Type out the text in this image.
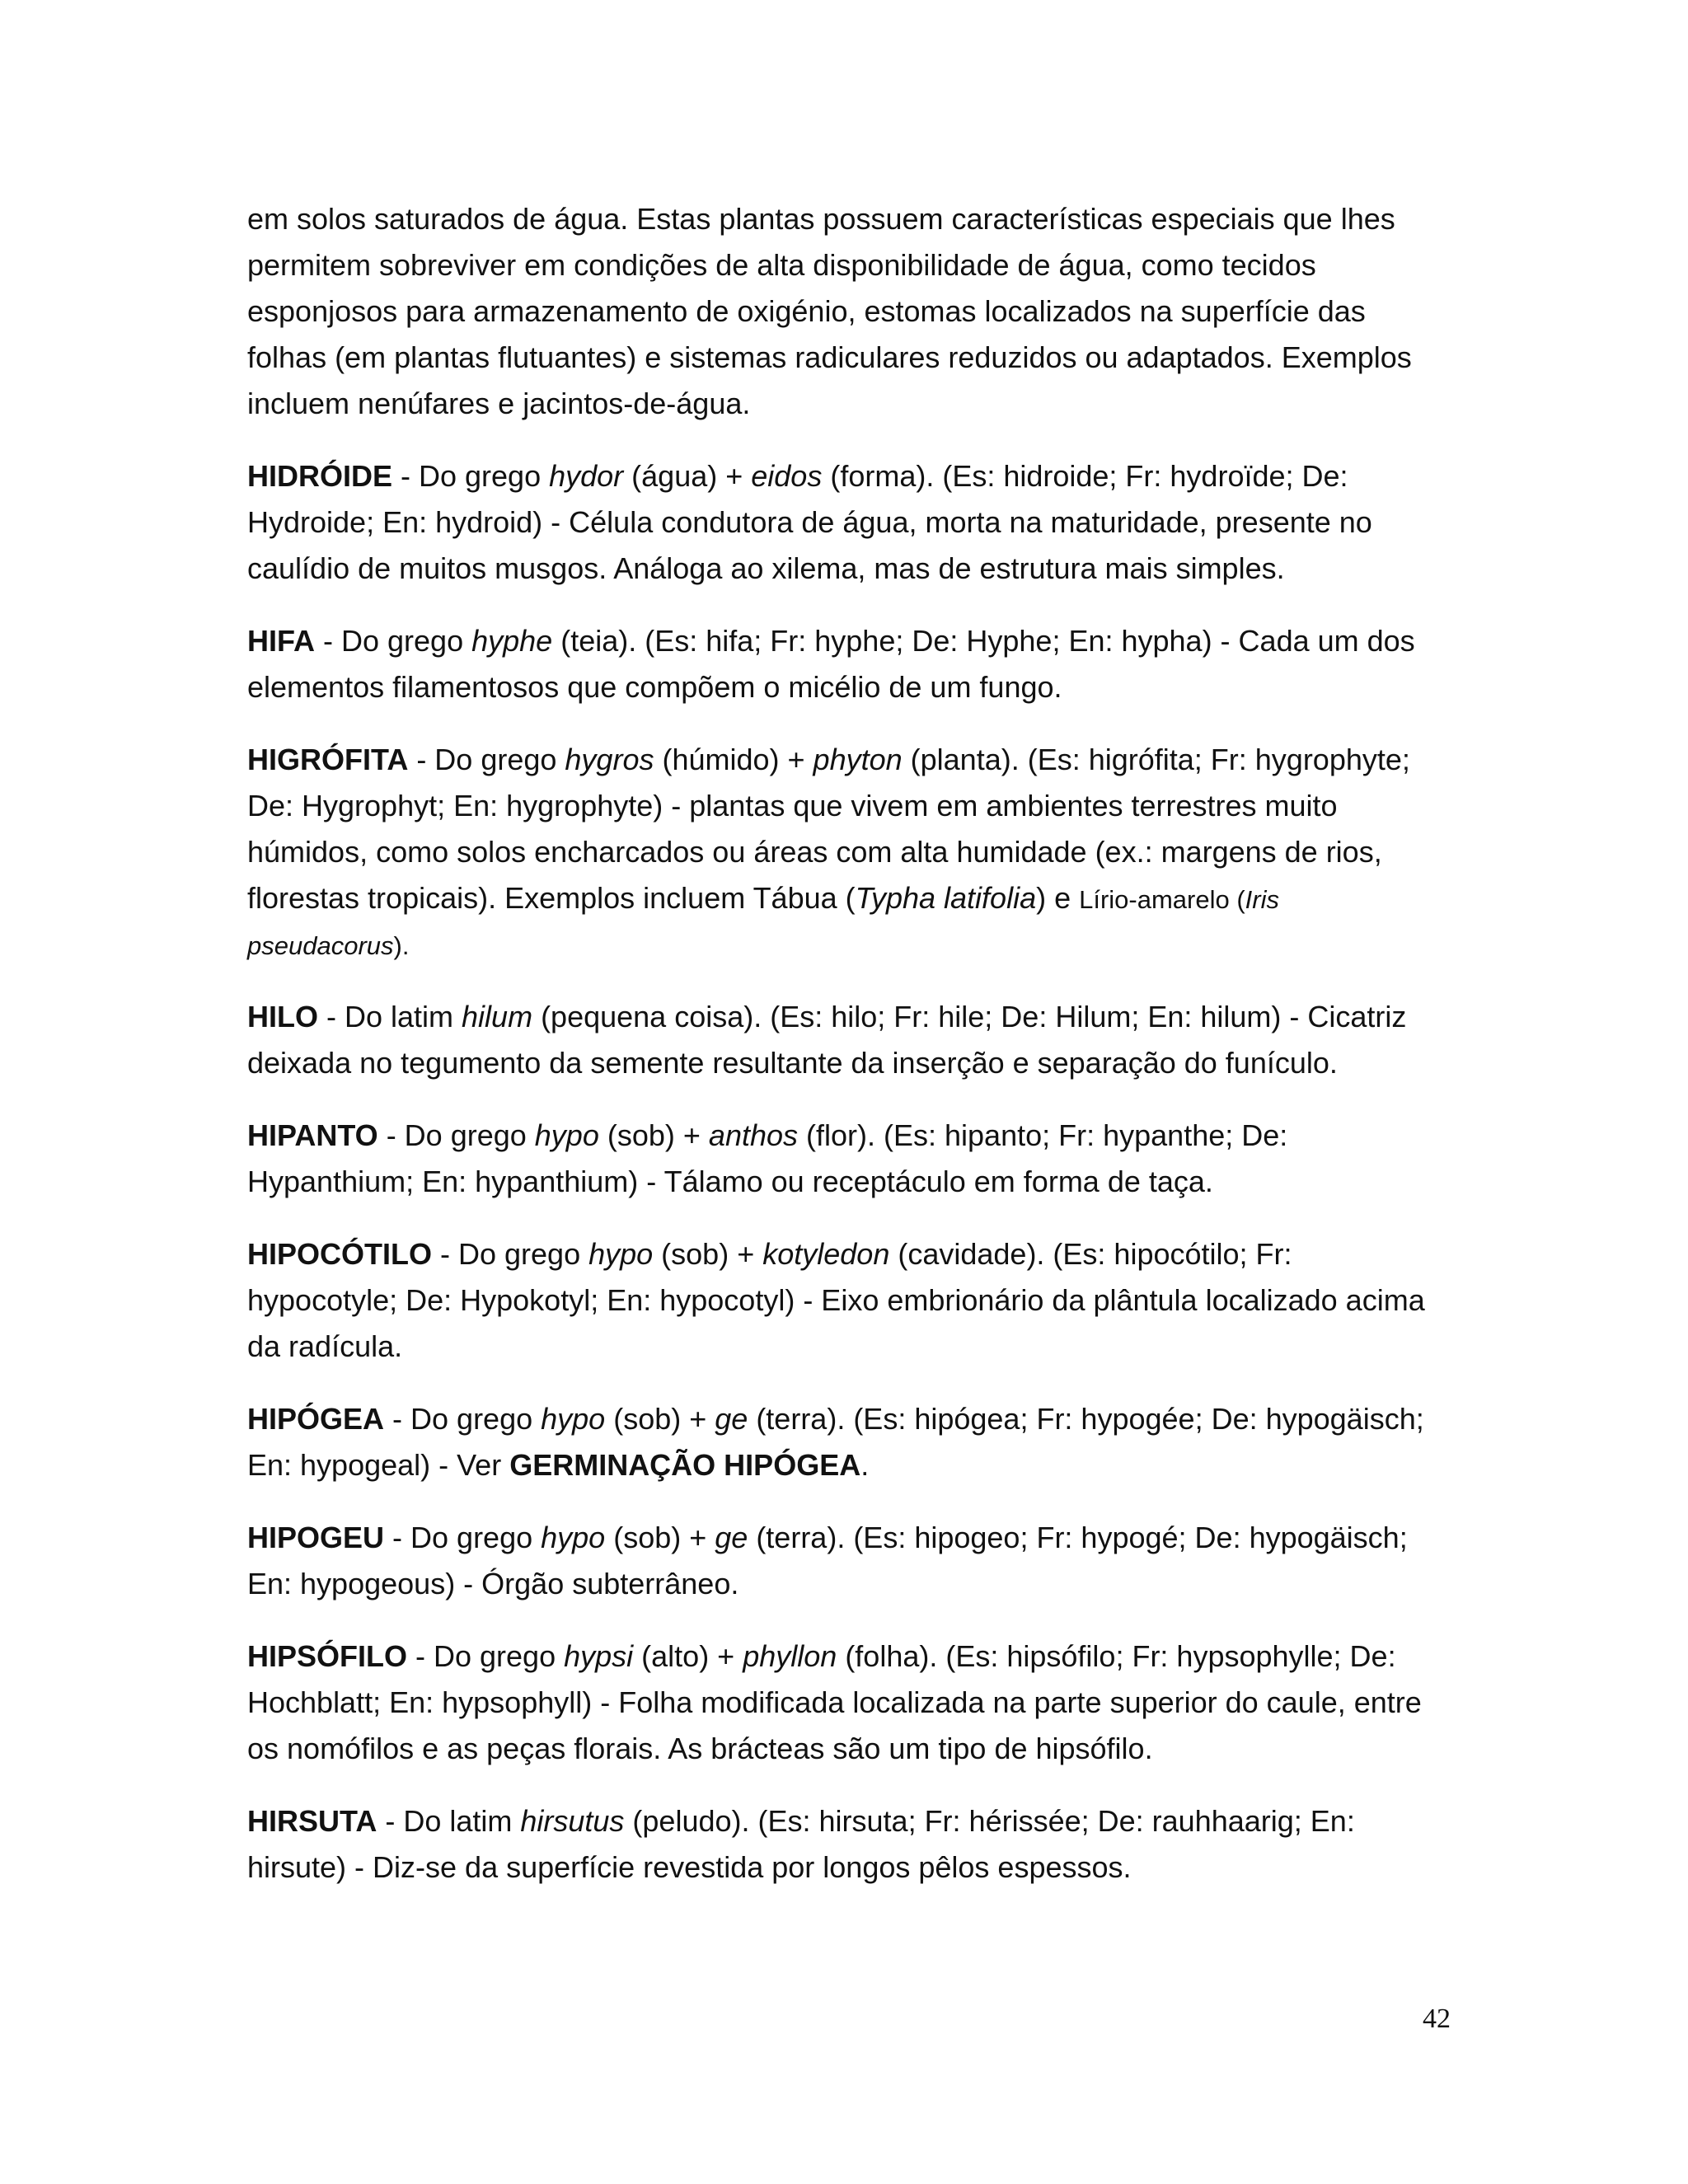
em solos saturados de água. Estas plantas possuem características especiais que lhes permitem sobreviver em condições de alta disponibilidade de água, como tecidos esponjosos para armazenamento de oxigénio, estomas localizados na superfície das folhas (em plantas flutuantes) e sistemas radiculares reduzidos ou adaptados. Exemplos incluem nenúfares e jacintos-de-água.

HIDRÓIDE - Do grego hydor (água) + eidos (forma). (Es: hidroide; Fr: hydroïde; De: Hydroide; En: hydroid) - Célula condutora de água, morta na maturidade, presente no caulídio de muitos musgos. Análoga ao xilema, mas de estrutura mais simples.

HIFA - Do grego hyphe (teia). (Es: hifa; Fr: hyphe; De: Hyphe; En: hypha) - Cada um dos elementos filamentosos que compõem o micélio de um fungo.

HIGRÓFITA - Do grego hygros (húmido) + phyton (planta). (Es: higrófita; Fr: hygrophyte; De: Hygrophyt; En: hygrophyte) - plantas que vivem em ambientes terrestres muito húmidos, como solos encharcados ou áreas com alta humidade (ex.: margens de rios, florestas tropicais). Exemplos incluem Tábua (Typha latifolia) e Lírio-amarelo (Iris pseudacorus).

HILO - Do latim hilum (pequena coisa). (Es: hilo; Fr: hile; De: Hilum; En: hilum) - Cicatriz deixada no tegumento da semente resultante da inserção e separação do funículo.

HIPANTO - Do grego hypo (sob) + anthos (flor). (Es: hipanto; Fr: hypanthe; De: Hypanthium; En: hypanthium) - Tálamo ou receptáculo em forma de taça.

HIPOCÓTILO - Do grego hypo (sob) + kotyledon (cavidade). (Es: hipocótilo; Fr: hypocotyle; De: Hypokotyl; En: hypocotyl) - Eixo embrionário da plântula localizado acima da radícula.

HIPÓGEA - Do grego hypo (sob) + ge (terra). (Es: hipógea; Fr: hypogée; De: hypogäisch; En: hypogeal) - Ver GERMINAÇÃO HIPÓGEA.

HIPOGEU - Do grego hypo (sob) + ge (terra). (Es: hipogeo; Fr: hypogé; De: hypogäisch; En: hypogeous) - Órgão subterrâneo.

HIPSÓFILO - Do grego hypsi (alto) + phyllon (folha). (Es: hipsófilo; Fr: hypsophylle; De: Hochblatt; En: hypsophyll) - Folha modificada localizada na parte superior do caule, entre os nomófilos e as peças florais. As brácteas são um tipo de hipsófilo.

HIRSUTA - Do latim hirsutus (peludo). (Es: hirsuta; Fr: hérissée; De: rauhhaarig; En: hirsute) - Diz-se da superfície revestida por longos pêlos espessos.

42
